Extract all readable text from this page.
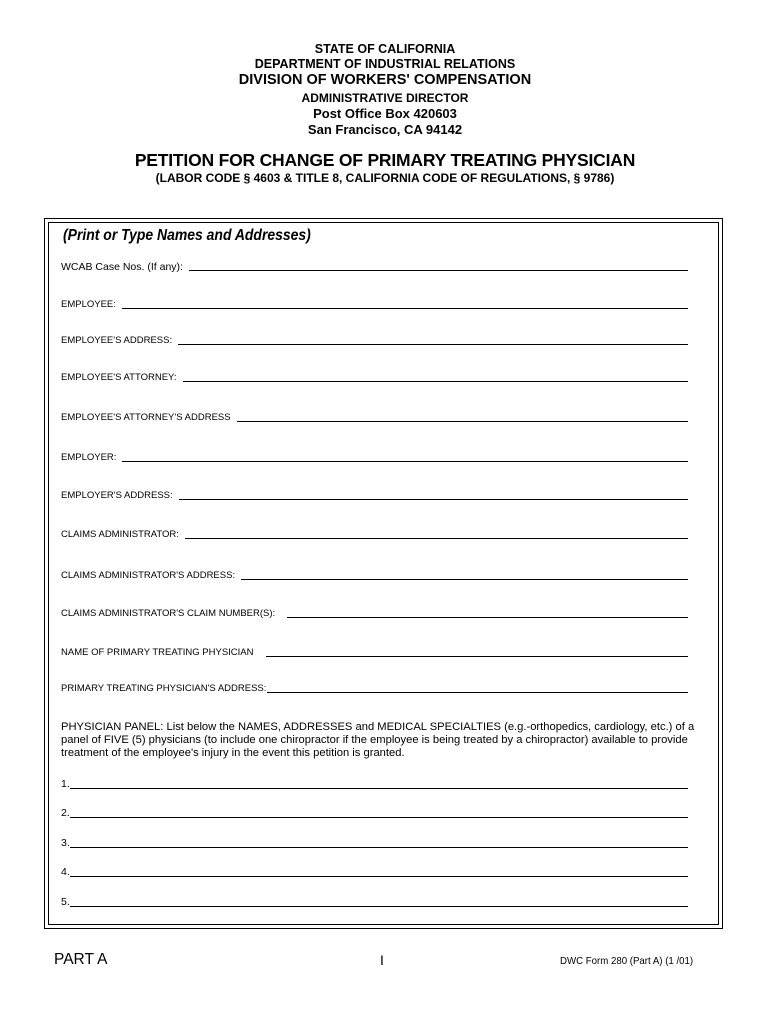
STATE OF CALIFORNIA
DEPARTMENT OF INDUSTRIAL RELATIONS
DIVISION OF WORKERS' COMPENSATION
ADMINISTRATIVE DIRECTOR
Post Office Box 420603
San Francisco, CA 94142
PETITION FOR CHANGE OF PRIMARY TREATING PHYSICIAN
(LABOR CODE § 4603 & TITLE 8, CALIFORNIA CODE OF REGULATIONS, § 9786)
(Print or Type Names and Addresses)
WCAB Case Nos. (If any):
EMPLOYEE:
EMPLOYEE'S ADDRESS:
EMPLOYEE'S ATTORNEY:
EMPLOYEE'S ATTORNEY'S ADDRESS
EMPLOYER:
EMPLOYER'S ADDRESS:
CLAIMS ADMINISTRATOR:
CLAIMS ADMINISTRATOR'S ADDRESS:
CLAIMS ADMINISTRATOR'S CLAIM NUMBER(S):
NAME OF PRIMARY TREATING PHYSICIAN
PRIMARY TREATING PHYSICIAN'S ADDRESS:
PHYSICIAN PANEL: List below the NAMES, ADDRESSES and MEDICAL SPECIALTIES (e.g.-orthopedics, cardiology, etc.) of a panel of FIVE (5) physicians (to include one chiropractor if the employee is being treated by a chiropractor) available to provide treatment of the employee's injury in the event this petition is granted.
1.
2.
3.
4.
5.
PART A	I	DWC Form 280 (Part A) (1 /01)
